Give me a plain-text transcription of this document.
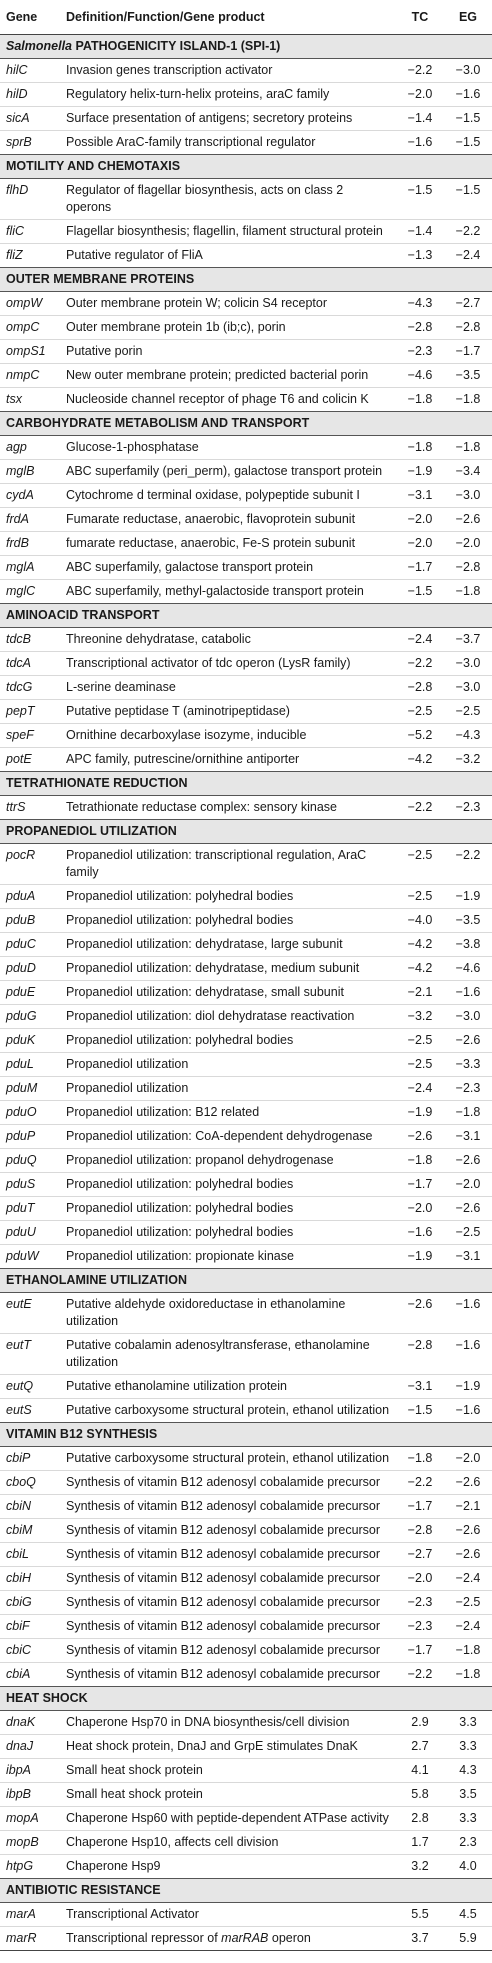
Gene	Definition/Function/Gene product	TC	EG
Salmonella PATHOGENICITY ISLAND-1 (SPI-1)			
hilC	Invasion genes transcription activator	−2.2	−3.0
hilD	Regulatory helix-turn-helix proteins, araC family	−2.0	−1.6
sicA	Surface presentation of antigens; secretory proteins	−1.4	−1.5
sprB	Possible AraC-family transcriptional regulator	−1.6	−1.5
MOTILITY AND CHEMOTAXIS			
flhD	Regulator of flagellar biosynthesis, acts on class 2 operons	−1.5	−1.5
fliC	Flagellar biosynthesis; flagellin, filament structural protein	−1.4	−2.2
fliZ	Putative regulator of FliA	−1.3	−2.4
OUTER MEMBRANE PROTEINS			
ompW	Outer membrane protein W; colicin S4 receptor	−4.3	−2.7
ompC	Outer membrane protein 1b (ib;c), porin	−2.8	−2.8
ompS1	Putative porin	−2.3	−1.7
nmpC	New outer membrane protein; predicted bacterial porin	−4.6	−3.5
tsx	Nucleoside channel receptor of phage T6 and colicin K	−1.8	−1.8
CARBOHYDRATE METABOLISM AND TRANSPORT			
agp	Glucose-1-phosphatase	−1.8	−1.8
mglB	ABC superfamily (peri_perm), galactose transport protein	−1.9	−3.4
cydA	Cytochrome d terminal oxidase, polypeptide subunit I	−3.1	−3.0
frdA	Fumarate reductase, anaerobic, flavoprotein subunit	−2.0	−2.6
frdB	fumarate reductase, anaerobic, Fe-S protein subunit	−2.0	−2.0
mglA	ABC superfamily, galactose transport protein	−1.7	−2.8
mglC	ABC superfamily, methyl-galactoside transport protein	−1.5	−1.8
AMINOACID TRANSPORT			
tdcB	Threonine dehydratase, catabolic	−2.4	−3.7
tdcA	Transcriptional activator of tdc operon (LysR family)	−2.2	−3.0
tdcG	L-serine deaminase	−2.8	−3.0
pepT	Putative peptidase T (aminotripeptidase)	−2.5	−2.5
speF	Ornithine decarboxylase isozyme, inducible	−5.2	−4.3
potE	APC family, putrescine/ornithine antiporter	−4.2	−3.2
TETRATHIONATE REDUCTION			
ttrS	Tetrathionate reductase complex: sensory kinase	−2.2	−2.3
PROPANEDIOL UTILIZATION			
pocR	Propanediol utilization: transcriptional regulation, AraC family	−2.5	−2.2
pduA	Propanediol utilization: polyhedral bodies	−2.5	−1.9
pduB	Propanediol utilization: polyhedral bodies	−4.0	−3.5
pduC	Propanediol utilization: dehydratase, large subunit	−4.2	−3.8
pduD	Propanediol utilization: dehydratase, medium subunit	−4.2	−4.6
pduE	Propanediol utilization: dehydratase, small subunit	−2.1	−1.6
pduG	Propanediol utilization: diol dehydratase reactivation	−3.2	−3.0
pduK	Propanediol utilization: polyhedral bodies	−2.5	−2.6
pduL	Propanediol utilization	−2.5	−3.3
pduM	Propanediol utilization	−2.4	−2.3
pduO	Propanediol utilization: B12 related	−1.9	−1.8
pduP	Propanediol utilization: CoA-dependent dehydrogenase	−2.6	−3.1
pduQ	Propanediol utilization: propanol dehydrogenase	−1.8	−2.6
pduS	Propanediol utilization: polyhedral bodies	−1.7	−2.0
pduT	Propanediol utilization: polyhedral bodies	−2.0	−2.6
pduU	Propanediol utilization: polyhedral bodies	−1.6	−2.5
pduW	Propanediol utilization: propionate kinase	−1.9	−3.1
ETHANOLAMINE UTILIZATION			
eutE	Putative aldehyde oxidoreductase in ethanolamine utilization	−2.6	−1.6
eutT	Putative cobalamin adenosyltransferase, ethanolamine utilization	−2.8	−1.6
eutQ	Putative ethanolamine utilization protein	−3.1	−1.9
eutS	Putative carboxysome structural protein, ethanol utilization	−1.5	−1.6
VITAMIN B12 SYNTHESIS			
cbiP	Putative carboxysome structural protein, ethanol utilization	−1.8	−2.0
cboQ	Synthesis of vitamin B12 adenosyl cobalamide precursor	−2.2	−2.6
cbiN	Synthesis of vitamin B12 adenosyl cobalamide precursor	−1.7	−2.1
cbiM	Synthesis of vitamin B12 adenosyl cobalamide precursor	−2.8	−2.6
cbiL	Synthesis of vitamin B12 adenosyl cobalamide precursor	−2.7	−2.6
cbiH	Synthesis of vitamin B12 adenosyl cobalamide precursor	−2.0	−2.4
cbiG	Synthesis of vitamin B12 adenosyl cobalamide precursor	−2.3	−2.5
cbiF	Synthesis of vitamin B12 adenosyl cobalamide precursor	−2.3	−2.4
cbiC	Synthesis of vitamin B12 adenosyl cobalamide precursor	−1.7	−1.8
cbiA	Synthesis of vitamin B12 adenosyl cobalamide precursor	−2.2	−1.8
HEAT SHOCK			
dnaK	Chaperone Hsp70 in DNA biosynthesis/cell division	2.9	3.3
dnaJ	Heat shock protein, DnaJ and GrpE stimulates DnaK	2.7	3.3
ibpA	Small heat shock protein	4.1	4.3
ibpB	Small heat shock protein	5.8	3.5
mopA	Chaperone Hsp60 with peptide-dependent ATPase activity	2.8	3.3
mopB	Chaperone Hsp10, affects cell division	1.7	2.3
htpG	Chaperone Hsp9	3.2	4.0
ANTIBIOTIC RESISTANCE			
marA	Transcriptional Activator	5.5	4.5
marR	Transcriptional repressor of marRAB operon	3.7	5.9
